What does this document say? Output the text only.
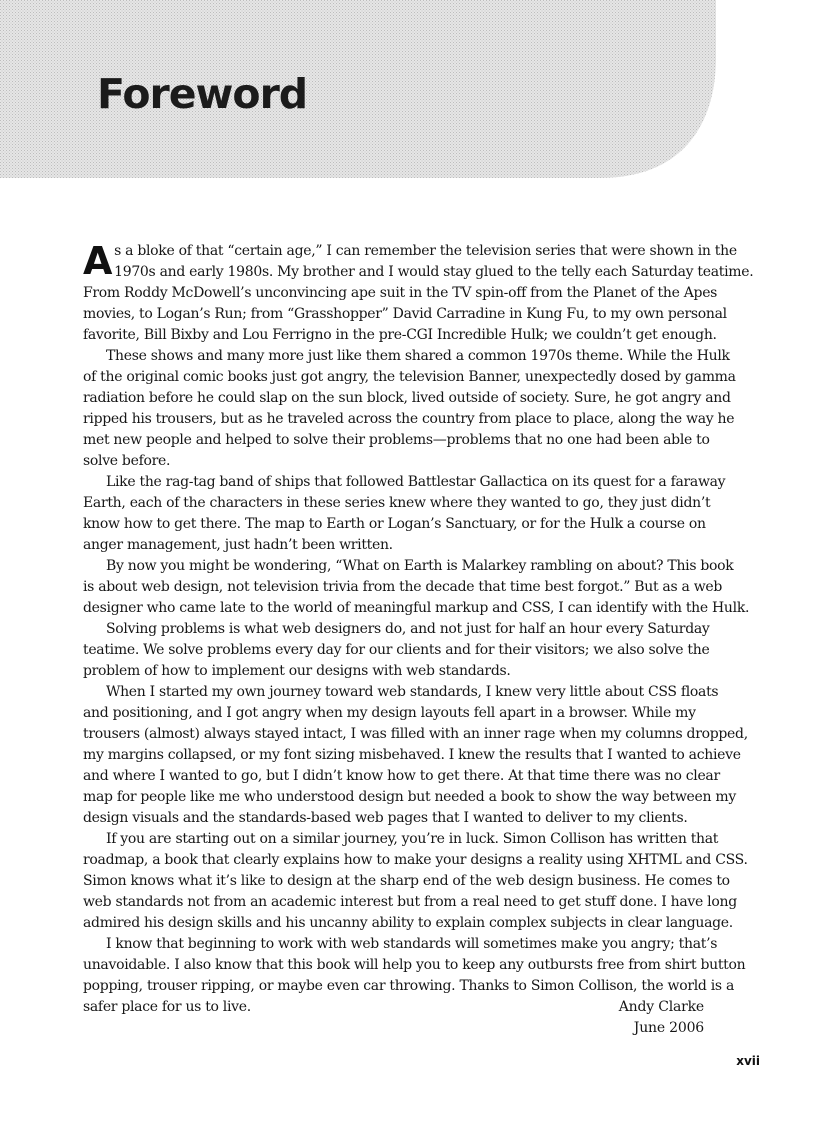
Foreword
A s a bloke of that “certain age,” I can remember the television series that were shown in the
1970s and early 1980s. My brother and I would stay glued to the telly each Saturday teatime.
From Roddy McDowell’s unconvincing ape suit in the TV spin-off from the Planet of the Apes
movies, to Logan’s Run; from “Grasshopper” David Carradine in Kung Fu, to my own personal
favorite, Bill Bixby and Lou Ferrigno in the pre-CGI Incredible Hulk; we couldn’t get enough.

These shows and many more just like them shared a common 1970s theme. While the Hulk
of the original comic books just got angry, the television Banner, unexpectedly dosed by gamma
radiation before he could slap on the sun block, lived outside of society. Sure, he got angry and
ripped his trousers, but as he traveled across the country from place to place, along the way he
met new people and helped to solve their problems—problems that no one had been able to
solve before.

Like the rag-tag band of ships that followed Battlestar Gallactica on its quest for a faraway
Earth, each of the characters in these series knew where they wanted to go, they just didn’t
know how to get there. The map to Earth or Logan’s Sanctuary, or for the Hulk a course on
anger management, just hadn’t been written.

By now you might be wondering, “What on Earth is Malarkey rambling on about? This book
is about web design, not television trivia from the decade that time best forgot.” But as a web
designer who came late to the world of meaningful markup and CSS, I can identify with the Hulk.

Solving problems is what web designers do, and not just for half an hour every Saturday
teatime. We solve problems every day for our clients and for their visitors; we also solve the
problem of how to implement our designs with web standards.

When I started my own journey toward web standards, I knew very little about CSS floats
and positioning, and I got angry when my design layouts fell apart in a browser. While my
trousers (almost) always stayed intact, I was filled with an inner rage when my columns dropped,
my margins collapsed, or my font sizing misbehaved. I knew the results that I wanted to achieve
and where I wanted to go, but I didn’t know how to get there. At that time there was no clear
map for people like me who understood design but needed a book to show the way between my
design visuals and the standards-based web pages that I wanted to deliver to my clients.

If you are starting out on a similar journey, you’re in luck. Simon Collison has written that
roadmap, a book that clearly explains how to make your designs a reality using XHTML and CSS.
Simon knows what it’s like to design at the sharp end of the web design business. He comes to
web standards not from an academic interest but from a real need to get stuff done. I have long
admired his design skills and his uncanny ability to explain complex subjects in clear language.

I know that beginning to work with web standards will sometimes make you angry; that’s
unavoidable. I also know that this book will help you to keep any outbursts free from shirt button
popping, trouser ripping, or maybe even car throwing. Thanks to Simon Collison, the world is a
safer place for us to live.	Andy Clarke
June 2006
xvii
